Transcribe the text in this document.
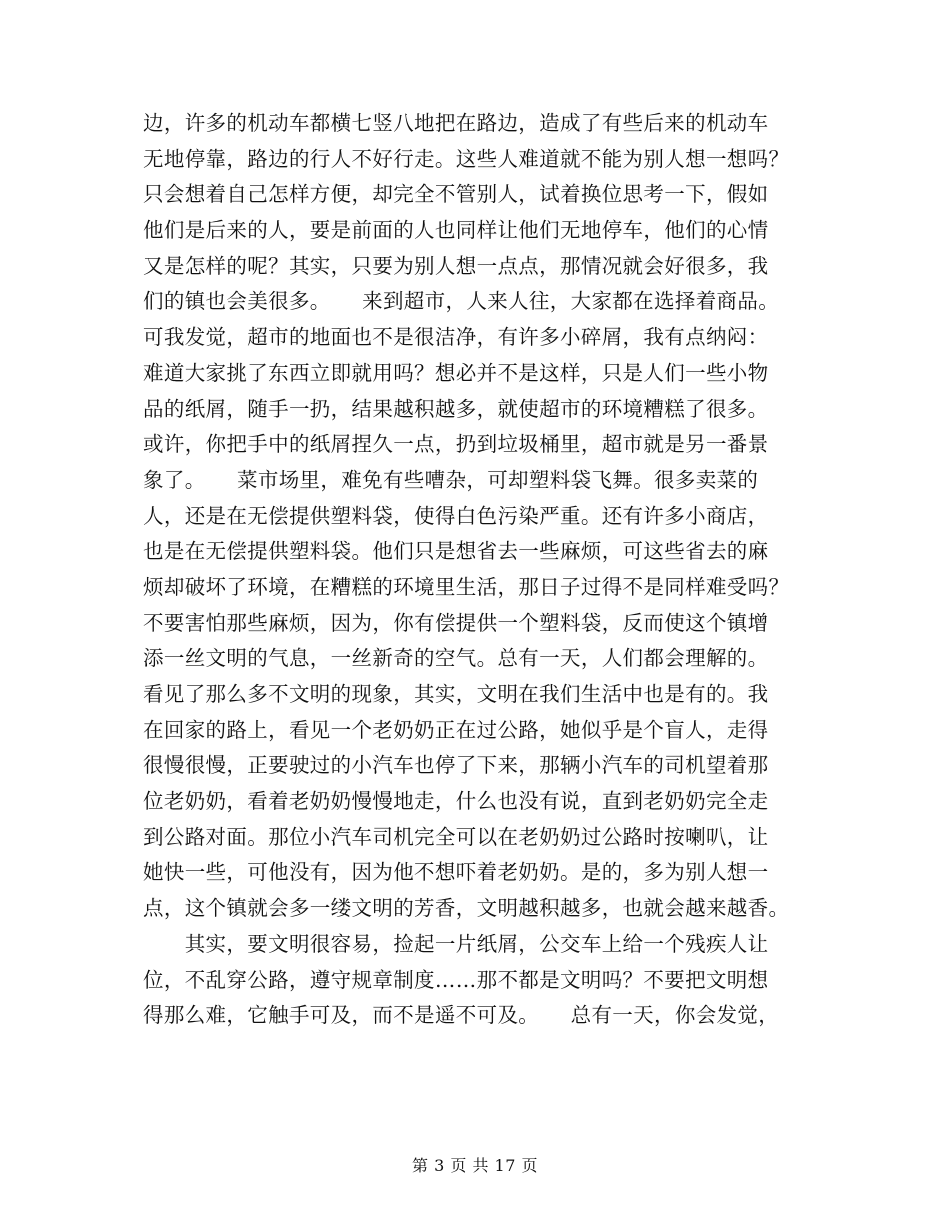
边，许多的机动车都横七竖八地把在路边，造成了有些后来的机动车
无地停靠，路边的行人不好行走。这些人难道就不能为别人想一想吗？
只会想着自己怎样方便，却完全不管别人，试着换位思考一下，假如
他们是后来的人，要是前面的人也同样让他们无地停车，他们的心情
又是怎样的呢？其实，只要为别人想一点点，那情况就会好很多，我
们的镇也会美很多。　　来到超市，人来人往，大家都在选择着商品。
可我发觉，超市的地面也不是很洁净，有许多小碎屑，我有点纳闷：
难道大家挑了东西立即就用吗？想必并不是这样，只是人们一些小物
品的纸屑，随手一扔，结果越积越多，就使超市的环境糟糕了很多。
或许，你把手中的纸屑捏久一点，扔到垃圾桶里，超市就是另一番景
象了。　　菜市场里，难免有些嘈杂，可却塑料袋飞舞。很多卖菜的
人，还是在无偿提供塑料袋，使得白色污染严重。还有许多小商店，
也是在无偿提供塑料袋。他们只是想省去一些麻烦，可这些省去的麻
烦却破坏了环境，在糟糕的环境里生活，那日子过得不是同样难受吗？
不要害怕那些麻烦，因为，你有偿提供一个塑料袋，反而使这个镇增
添一丝文明的气息，一丝新奇的空气。总有一天，人们都会理解的。
看见了那么多不文明的现象，其实，文明在我们生活中也是有的。我
在回家的路上，看见一个老奶奶正在过公路，她似乎是个盲人，走得
很慢很慢，正要驶过的小汽车也停了下来，那辆小汽车的司机望着那
位老奶奶，看着老奶奶慢慢地走，什么也没有说，直到老奶奶完全走
到公路对面。那位小汽车司机完全可以在老奶奶过公路时按喇叭，让
她快一些，可他没有，因为他不想吓着老奶奶。是的，多为别人想一
点，这个镇就会多一缕文明的芳香，文明越积越多，也就会越来越香。
　　其实，要文明很容易，捡起一片纸屑，公交车上给一个残疾人让
位，不乱穿公路，遵守规章制度……那不都是文明吗？不要把文明想
得那么难，它触手可及，而不是遥不可及。　　总有一天，你会发觉，
第 3 页 共 17 页
